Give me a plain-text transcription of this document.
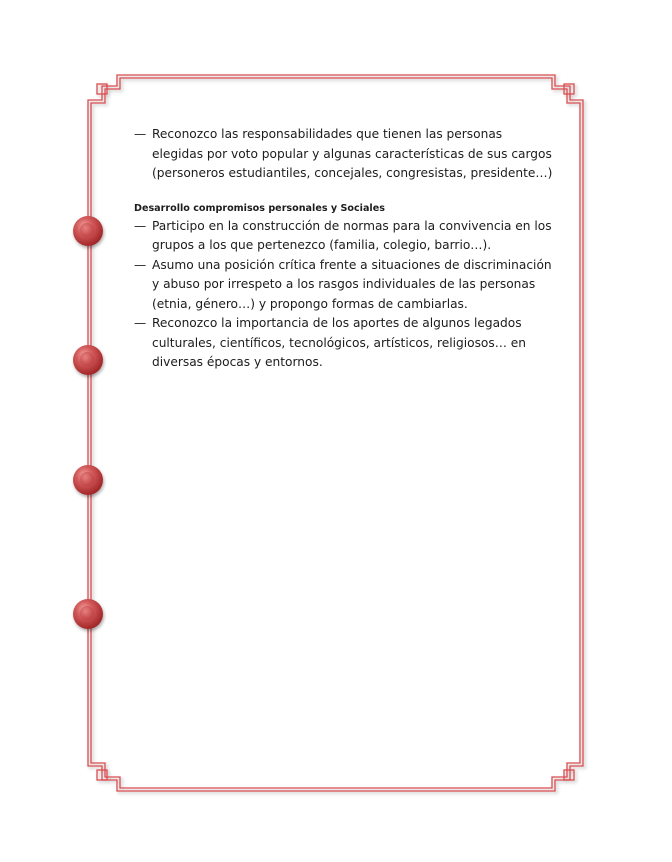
— Reconozco las responsabilidades que tienen las personas elegidas por voto popular y algunas características de sus cargos (personeros estudiantiles, concejales, congresistas, presidente…)
Desarrollo compromisos personales y Sociales
— Participo en la construcción de normas para la convivencia en los grupos a los que pertenezco (familia, colegio, barrio…).
— Asumo una posición crítica frente a situaciones de discriminación y abuso por irrespeto a los rasgos individuales de las personas (etnia, género…) y propongo formas de cambiarlas.
— Reconozco la importancia de los aportes de algunos legados culturales, científicos, tecnológicos, artísticos, religiosos… en diversas épocas y entornos.
